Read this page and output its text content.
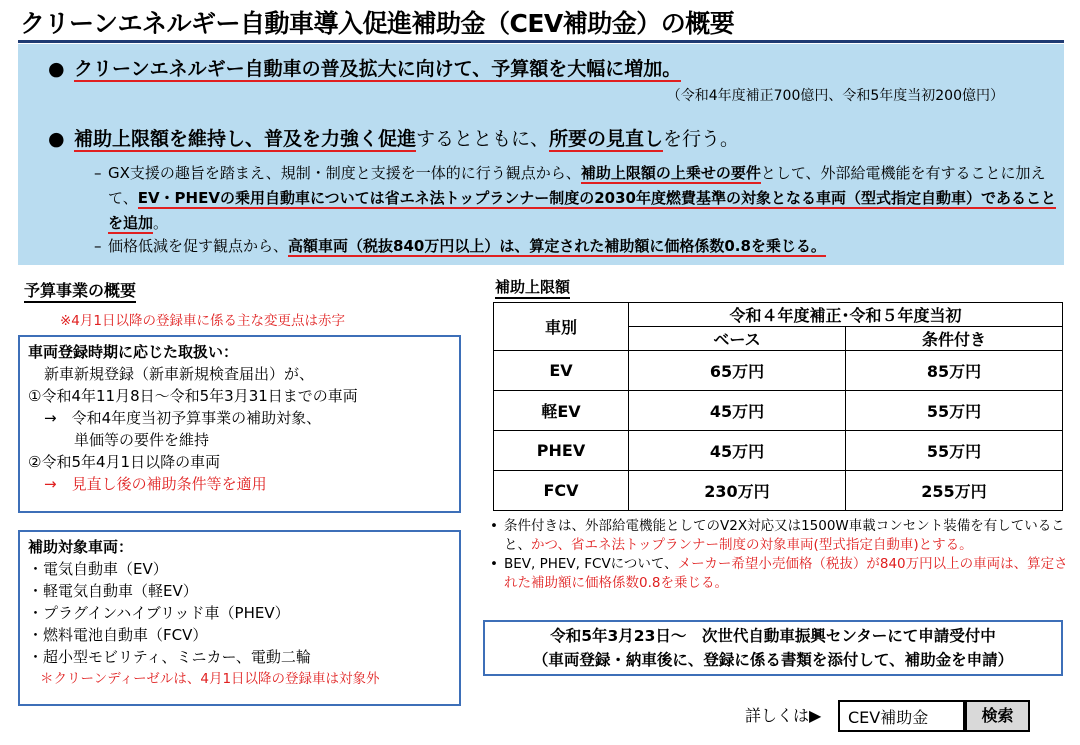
クリーンエネルギー自動車導入促進補助金（CEV補助金）の概要
● クリーンエネルギー自動車の普及拡大に向けて、予算額を大幅に増加。
（令和4年度補正700億円、令和5年度当初200億円）
● 補助上限額を維持し、普及を力強く促進するとともに、所要の見直しを行う。
– GX支援の趣旨を踏まえ、規制・制度と支援を一体的に行う観点から、補助上限額の上乗せの要件として、外部給電機能を有することに加えて、EV・PHEVの乗用自動車については省エネ法トップランナー制度の2030年度燃費基準の対象となる車両（型式指定自動車）であることを追加。
– 価格低減を促す観点から、高額車両（税抜840万円以上）は、算定された補助額に価格係数0.8を乗じる。
予算事業の概要
※4月1日以降の登録車に係る主な変更点は赤字
車両登録時期に応じた取扱い：
新車新規登録（新車新規検査届出）が、
①令和4年11月8日～令和5年3月31日までの車両
→　令和4年度当初予算事業の補助対象、
単価等の要件を維持
②令和5年4月1日以降の車両
→　見直し後の補助条件等を適用
補助対象車両：
・電気自動車（EV）
・軽電気自動車（軽EV）
・プラグインハイブリッド車（PHEV）
・燃料電池自動車（FCV）
・超小型モビリティ、ミニカー、電動二輪
＊クリーンディーゼルは、4月1日以降の登録車は対象外
補助上限額
車別	令和４年度補正･令和５年度当初	
	ベース	条件付き
EV	65万円	85万円
軽EV	45万円	55万円
PHEV	45万円	55万円
FCV	230万円	255万円
• 条件付きは、外部給電機能としてのV2X対応又は1500W車載コンセント装備を有していること、かつ、省エネ法トップランナー制度の対象車両(型式指定自動車)とする。
• BEV, PHEV, FCVについて、メーカー希望小売価格（税抜）が840万円以上の車両は、算定された補助額に価格係数0.8を乗じる。
令和5年3月23日～　次世代自動車振興センターにて申請受付中
（車両登録・納車後に、登録に係る書類を添付して、補助金を申請）
詳しくは▶	CEV補助金	検索
